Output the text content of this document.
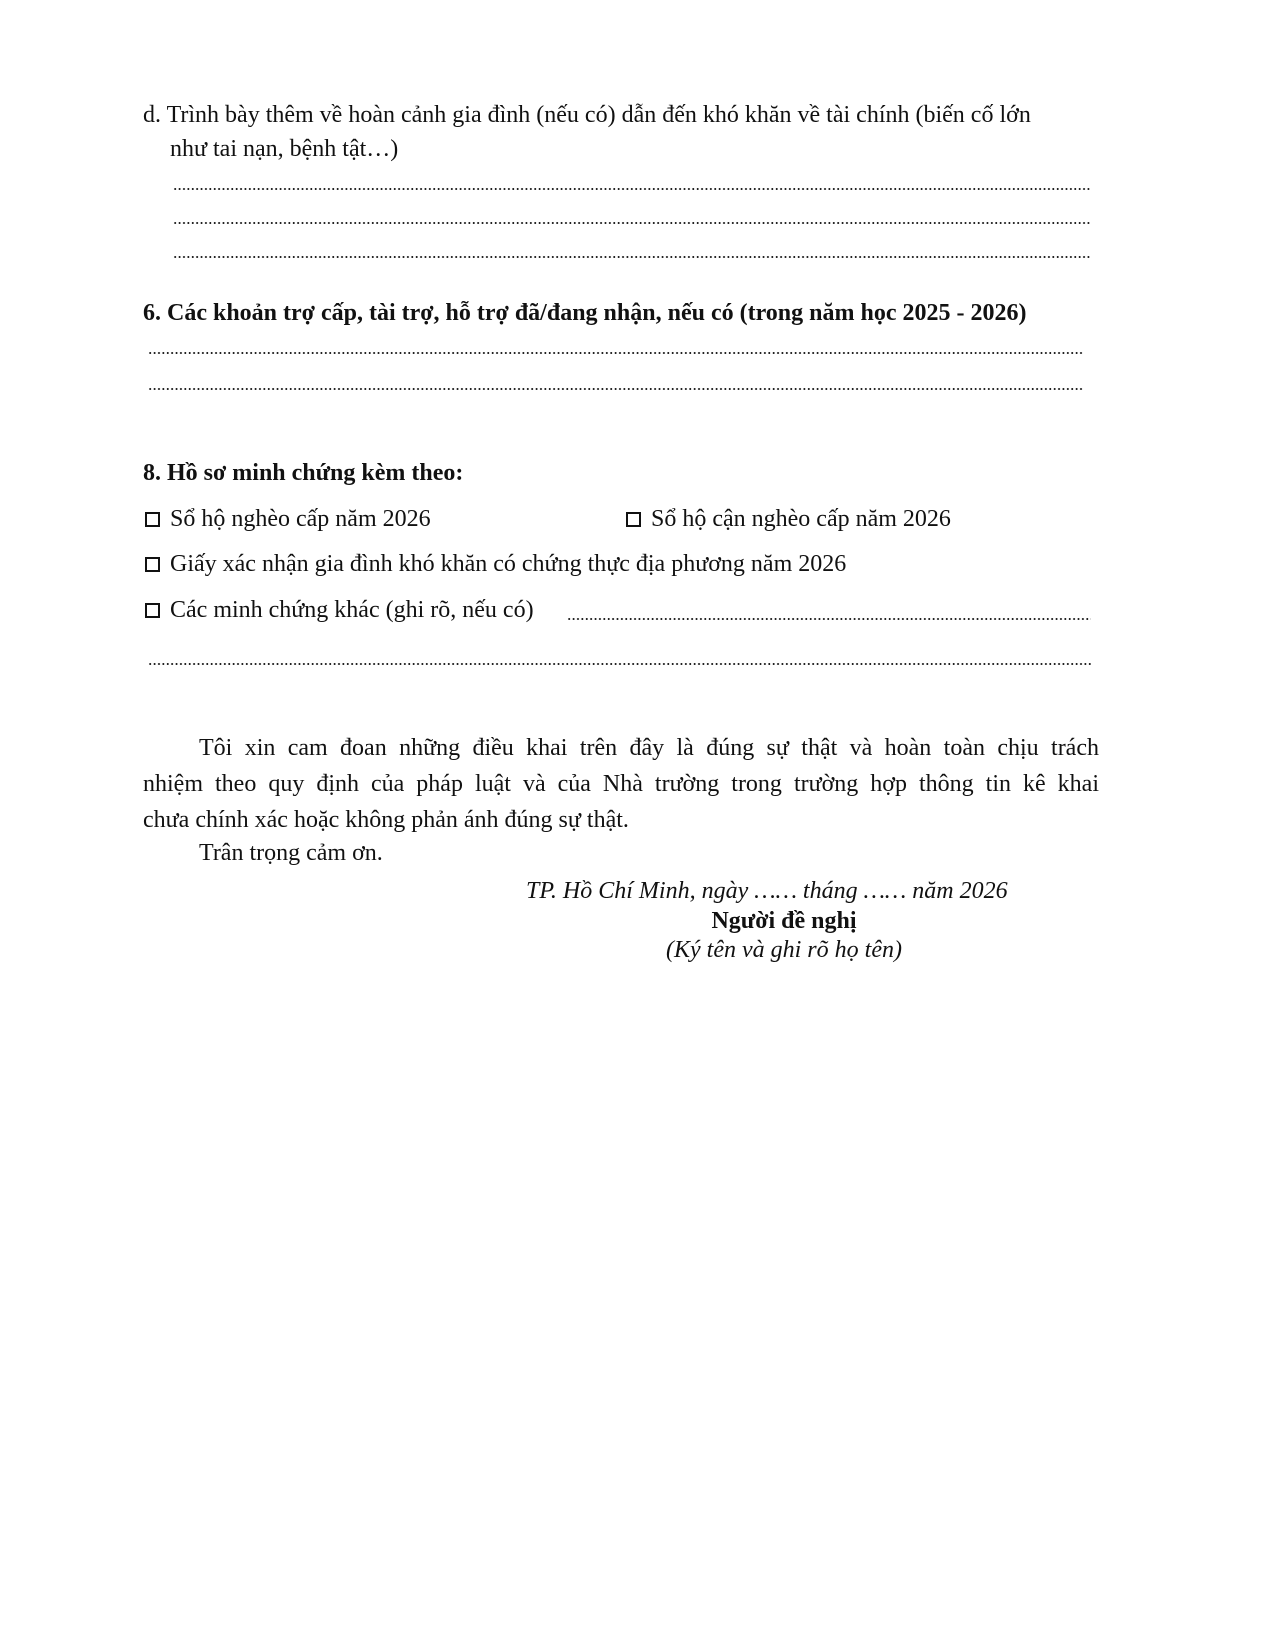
d. Trình bày thêm về hoàn cảnh gia đình (nếu có) dẫn đến khó khăn về tài chính (biến cố lớn
như tai nạn, bệnh tật…)
6. Các khoản trợ cấp, tài trợ, hỗ trợ đã/đang nhận, nếu có (trong năm học 2025 - 2026)
8. Hồ sơ minh chứng kèm theo:
Sổ hộ nghèo cấp năm 2026	Sổ hộ cận nghèo cấp năm 2026
Giấy xác nhận gia đình khó khăn có chứng thực địa phương năm 2026
Các minh chứng khác (ghi rõ, nếu có)
Tôi xin cam đoan những điều khai trên đây là đúng sự thật và hoàn toàn chịu trách
nhiệm theo quy định của pháp luật và của Nhà trường trong trường hợp thông tin kê khai
chưa chính xác hoặc không phản ánh đúng sự thật.
Trân trọng cảm ơn.
TP. Hồ Chí Minh, ngày …… tháng …… năm 2026
Người đề nghị
(Ký tên và ghi rõ họ tên)
